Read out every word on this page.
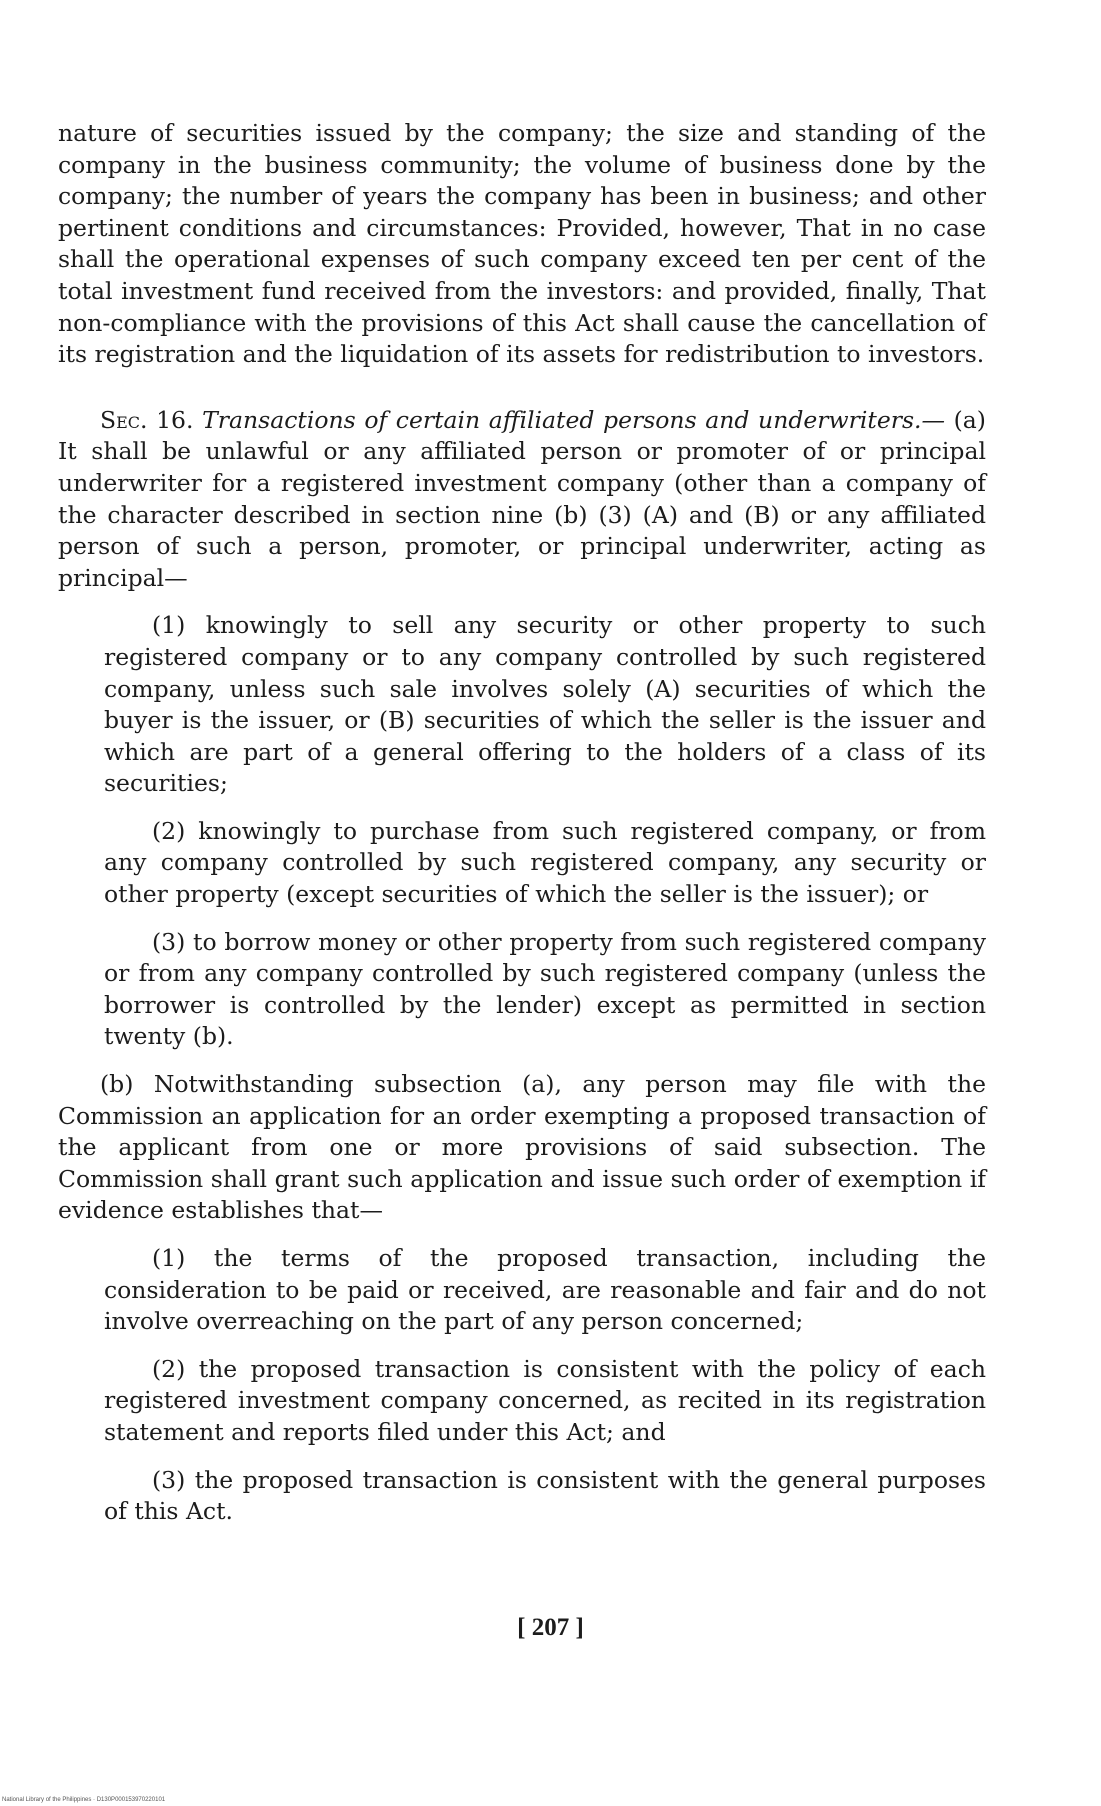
nature of securities issued by the company; the size and standing of the company in the business community; the volume of business done by the company; the number of years the company has been in business; and other pertinent conditions and circumstances: Provided, however, That in no case shall the operational expenses of such company exceed ten per cent of the total investment fund received from the investors: and provided, finally, That non-compliance with the provisions of this Act shall cause the cancellation of its registration and the liquidation of its assets for redistribution to investors.

Sec. 16. Transactions of certain affiliated persons and underwriters.— (a) It shall be unlawful or any affiliated person or promoter of or principal underwriter for a registered investment company (other than a company of the character described in section nine (b) (3) (A) and (B) or any affiliated person of such a person, promoter, or principal underwriter, acting as principal—

(1) knowingly to sell any security or other property to such registered company or to any company controlled by such registered company, unless such sale involves solely (A) securities of which the buyer is the issuer, or (B) securities of which the seller is the issuer and which are part of a general offering to the holders of a class of its securities;

(2) knowingly to purchase from such registered company, or from any company controlled by such registered company, any security or other property (except securities of which the seller is the issuer); or

(3) to borrow money or other property from such registered company or from any company controlled by such registered company (unless the borrower is controlled by the lender) except as permitted in section twenty (b).

(b) Notwithstanding subsection (a), any person may file with the Commission an application for an order exempting a proposed transaction of the applicant from one or more provisions of said subsection. The Commission shall grant such application and issue such order of exemption if evidence establishes that—

(1) the terms of the proposed transaction, including the consideration to be paid or received, are reasonable and fair and do not involve overreaching on the part of any person concerned;

(2) the proposed transaction is consistent with the policy of each registered investment company concerned, as recited in its registration statement and reports filed under this Act; and

(3) the proposed transaction is consistent with the general purposes of this Act.

[ 207 ]
National Library of the Philippines · D130P000153970220101
